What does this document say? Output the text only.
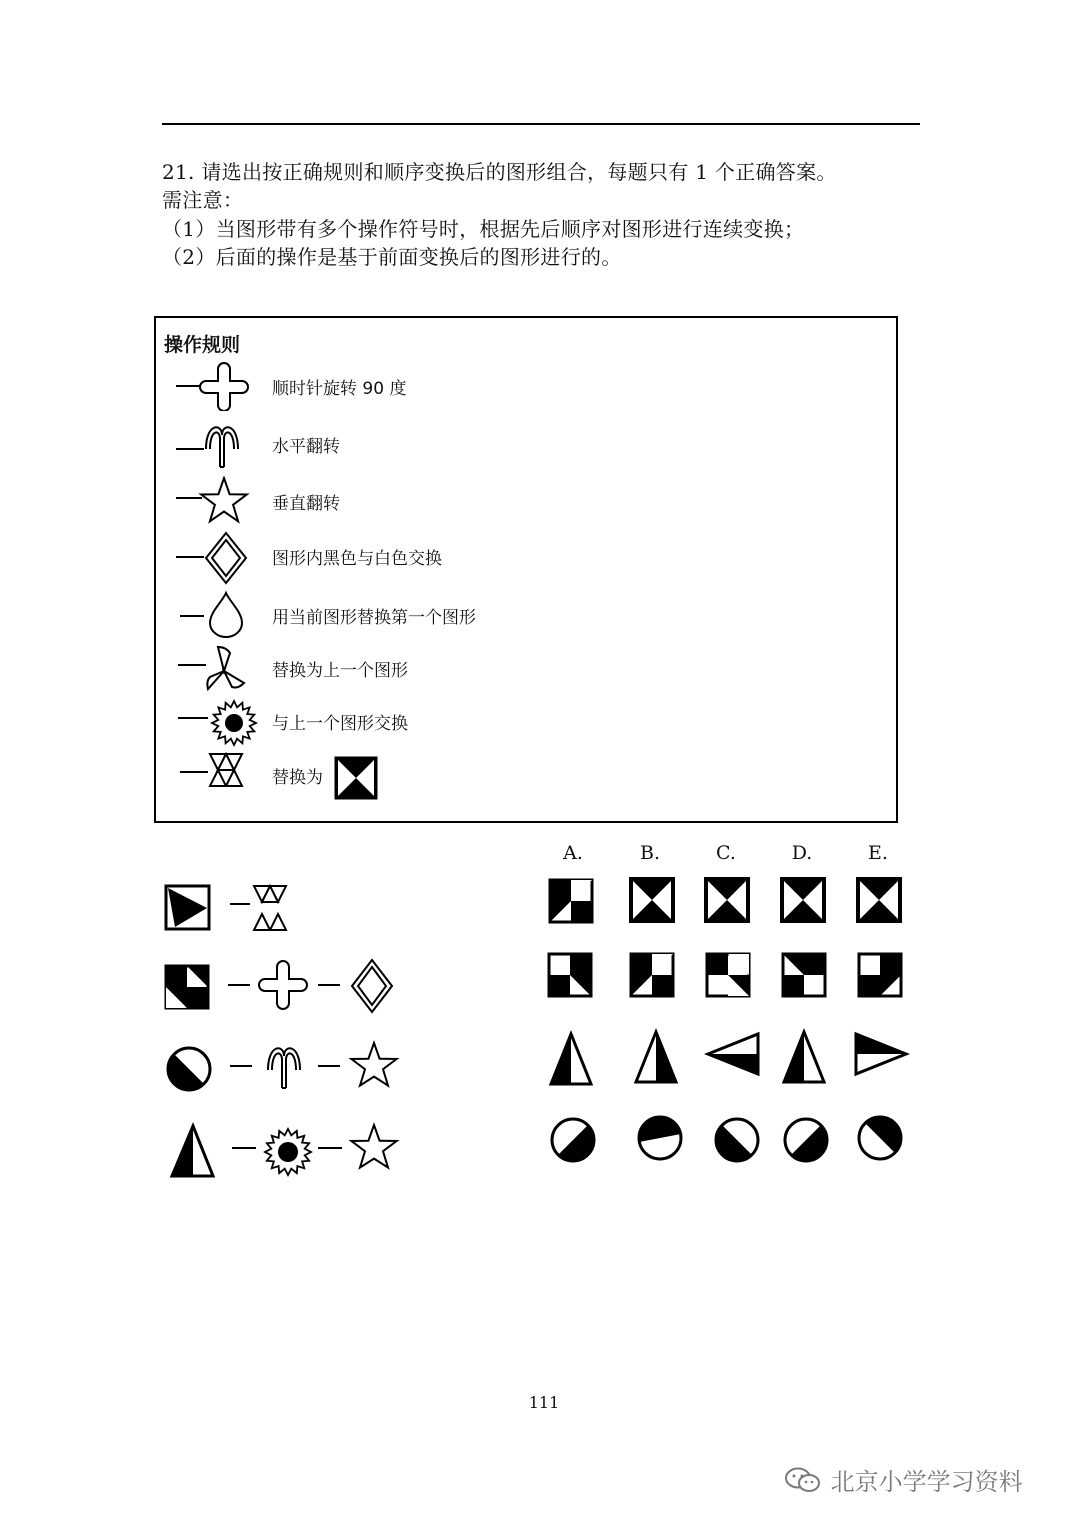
21. 请选出按正确规则和顺序变换后的图形组合，每题只有 1 个正确答案。
需注意：
（1）当图形带有多个操作符号时，根据先后顺序对图形进行连续变换；
（2）后面的操作是基于前面变换后的图形进行的。
操作规则
顺时针旋转 90 度
水平翻转
垂直翻转
图形内黑色与白色交换
用当前图形替换第一个图形
替换为上一个图形
与上一个图形交换
替换为
A.	B.	C.	D.	E.
111
北京小学学习资料
